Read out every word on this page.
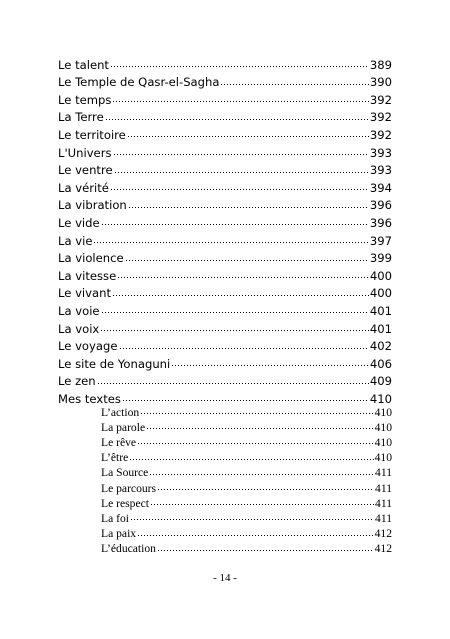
Le talent	389
Le Temple de Qasr-el-Sagha	390
Le temps	392
La Terre	392
Le territoire	392
L'Univers	393
Le ventre	393
La vérité	394
La vibration	396
Le vide	396
La vie	397
La violence	399
La vitesse	400
Le vivant	400
La voie	401
La voix	401
Le voyage	402
Le site de Yonaguni	406
Le zen	409
Mes textes	410
L’action	410
La parole	410
Le rêve	410
L’être	410
La Source	411
Le parcours	411
Le respect	411
La foi	411
La paix	412
L’éducation	412
- 14 -
